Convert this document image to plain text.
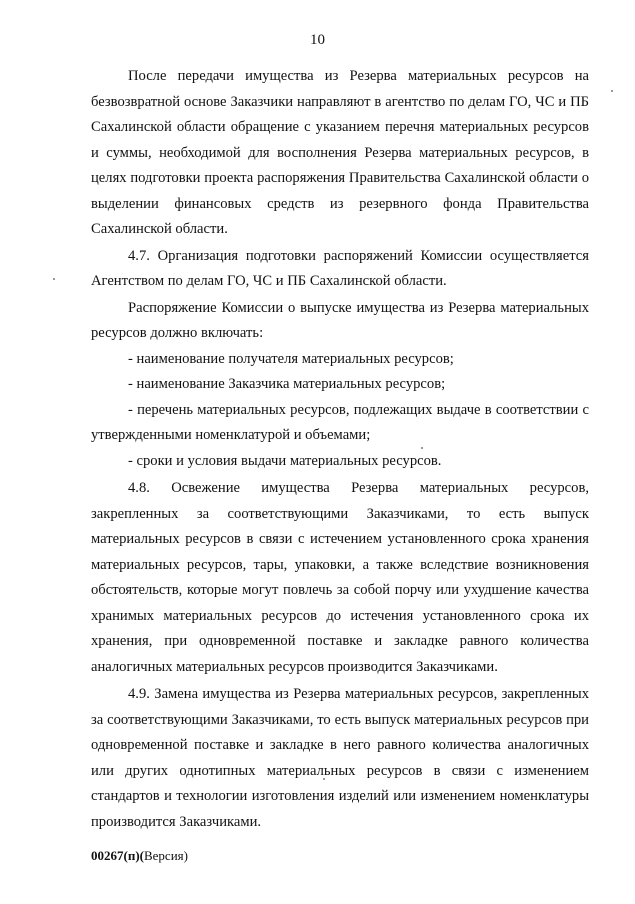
10

После передачи имущества из Резерва материальных ресурсов на безвозвратной основе Заказчики направляют в агентство по делам ГО, ЧС и ПБ Сахалинской области обращение с указанием перечня материальных ресурсов и суммы, необходимой для восполнения Резерва материальных ресурсов, в целях подготовки проекта распоряжения Правительства Сахалинской области о выделении финансовых средств из резервного фонда Правительства Сахалинской области.

4.7. Организация подготовки распоряжений Комиссии осуществляется Агентством по делам ГО, ЧС и ПБ Сахалинской области.

Распоряжение Комиссии о выпуске имущества из Резерва материальных ресурсов должно включать:

- наименование получателя материальных ресурсов;

- наименование Заказчика материальных ресурсов;

- перечень материальных ресурсов, подлежащих выдаче в соответствии с утвержденными номенклатурой и объемами;

- сроки и условия выдачи материальных ресурсов.

4.8. Освежение имущества Резерва материальных ресурсов, закрепленных за соответствующими Заказчиками, то есть выпуск материальных ресурсов в связи с истечением установленного срока хранения материальных ресурсов, тары, упаковки, а также вследствие возникновения обстоятельств, которые могут повлечь за собой порчу или ухудшение качества хранимых материальных ресурсов до истечения установленного срока их хранения, при одновременной поставке и закладке равного количества аналогичных материальных ресурсов производится Заказчиками.

4.9. Замена имущества из Резерва материальных ресурсов, закрепленных за соответствующими Заказчиками, то есть выпуск материальных ресурсов при одновременной поставке и закладке в него равного количества аналогичных или других однотипных материальных ресурсов в связи с изменением стандартов и технологии изготовления изделий или изменением номенклатуры производится Заказчиками.

00267(п)(Версия)
